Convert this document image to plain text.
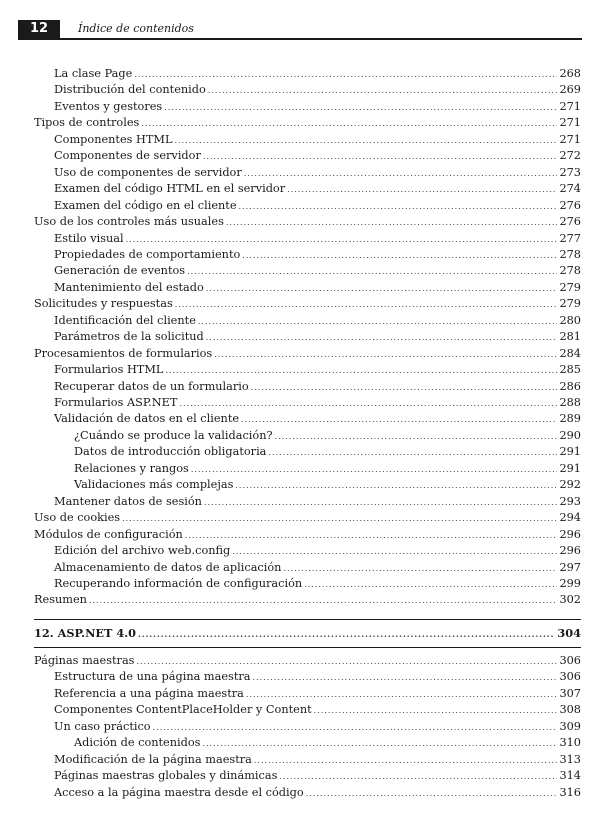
12	Índice de contenidos
La clase Page .....	268
Distribución del contenido .....	269
Eventos y gestores .....	271
Tipos de controles .....	271
Componentes HTML .....	271
Componentes de servidor .....	272
Uso de componentes de servidor .....	273
Examen del código HTML en el servidor .....	274
Examen del código en el cliente .....	276
Uso de los controles más usuales .....	276
Estilo visual .....	277
Propiedades de comportamiento .....	278
Generación de eventos .....	278
Mantenimiento del estado .....	279
Solicitudes y respuestas .....	279
Identificación del cliente .....	280
Parámetros de la solicitud .....	281
Procesamientos de formularios .....	284
Formularios HTML .....	285
Recuperar datos de un formulario .....	286
Formularios ASP.NET .....	288
Validación de datos en el cliente .....	289
¿Cuándo se produce la validación? .....	290
Datos de introducción obligatoria .....	291
Relaciones y rangos .....	291
Validaciones más complejas .....	292
Mantener datos de sesión .....	293
Uso de cookies .....	294
Módulos de configuración .....	296
Edición del archivo web.config .....	296
Almacenamiento de datos de aplicación .....	297
Recuperando información de configuración .....	299
Resumen .....	302
12. ASP.NET 4.0 .....	304
Páginas maestras .....	306
Estructura de una página maestra .....	306
Referencia a una página maestra .....	307
Componentes ContentPlaceHolder y Content .....	308
Un caso práctico .....	309
Adición de contenidos .....	310
Modificación de la página maestra .....	313
Páginas maestras globales y dinámicas .....	314
Acceso a la página maestra desde el código .....	316
